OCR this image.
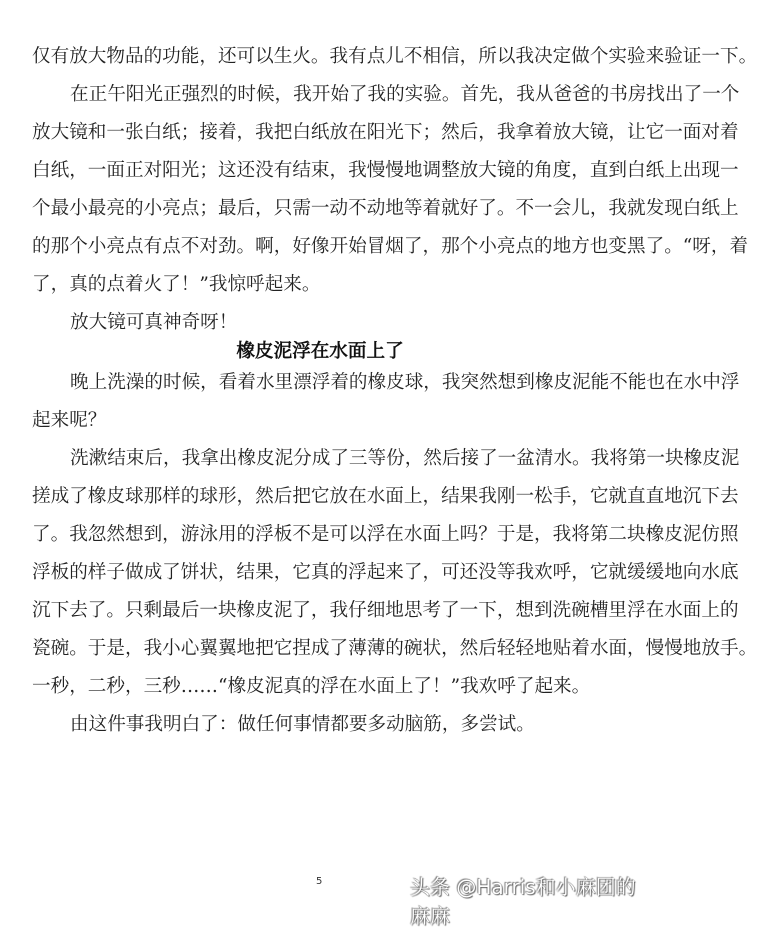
仅有放大物品的功能，还可以生火。我有点儿不相信，所以我决定做个实验来验证一下。
在正午阳光正强烈的时候，我开始了我的实验。首先，我从爸爸的书房找出了一个
放大镜和一张白纸；接着，我把白纸放在阳光下；然后，我拿着放大镜，让它一面对着
白纸，一面正对阳光；这还没有结束，我慢慢地调整放大镜的角度，直到白纸上出现一
个最小最亮的小亮点；最后，只需一动不动地等着就好了。不一会儿，我就发现白纸上
的那个小亮点有点不对劲。啊，好像开始冒烟了，那个小亮点的地方也变黑了。“呀，着
了，真的点着火了！”我惊呼起来。
放大镜可真神奇呀！
橡皮泥浮在水面上了
晚上洗澡的时候，看着水里漂浮着的橡皮球，我突然想到橡皮泥能不能也在水中浮
起来呢？
洗漱结束后，我拿出橡皮泥分成了三等份，然后接了一盆清水。我将第一块橡皮泥
搓成了橡皮球那样的球形，然后把它放在水面上，结果我刚一松手，它就直直地沉下去
了。我忽然想到，游泳用的浮板不是可以浮在水面上吗？于是，我将第二块橡皮泥仿照
浮板的样子做成了饼状，结果，它真的浮起来了，可还没等我欢呼，它就缓缓地向水底
沉下去了。只剩最后一块橡皮泥了，我仔细地思考了一下，想到洗碗槽里浮在水面上的
瓷碗。于是，我小心翼翼地把它捏成了薄薄的碗状，然后轻轻地贴着水面，慢慢地放手。
一秒，二秒，三秒……“橡皮泥真的浮在水面上了！”我欢呼了起来。
由这件事我明白了：做任何事情都要多动脑筋，多尝试。
5	头条 @Harris和小麻团的麻麻
